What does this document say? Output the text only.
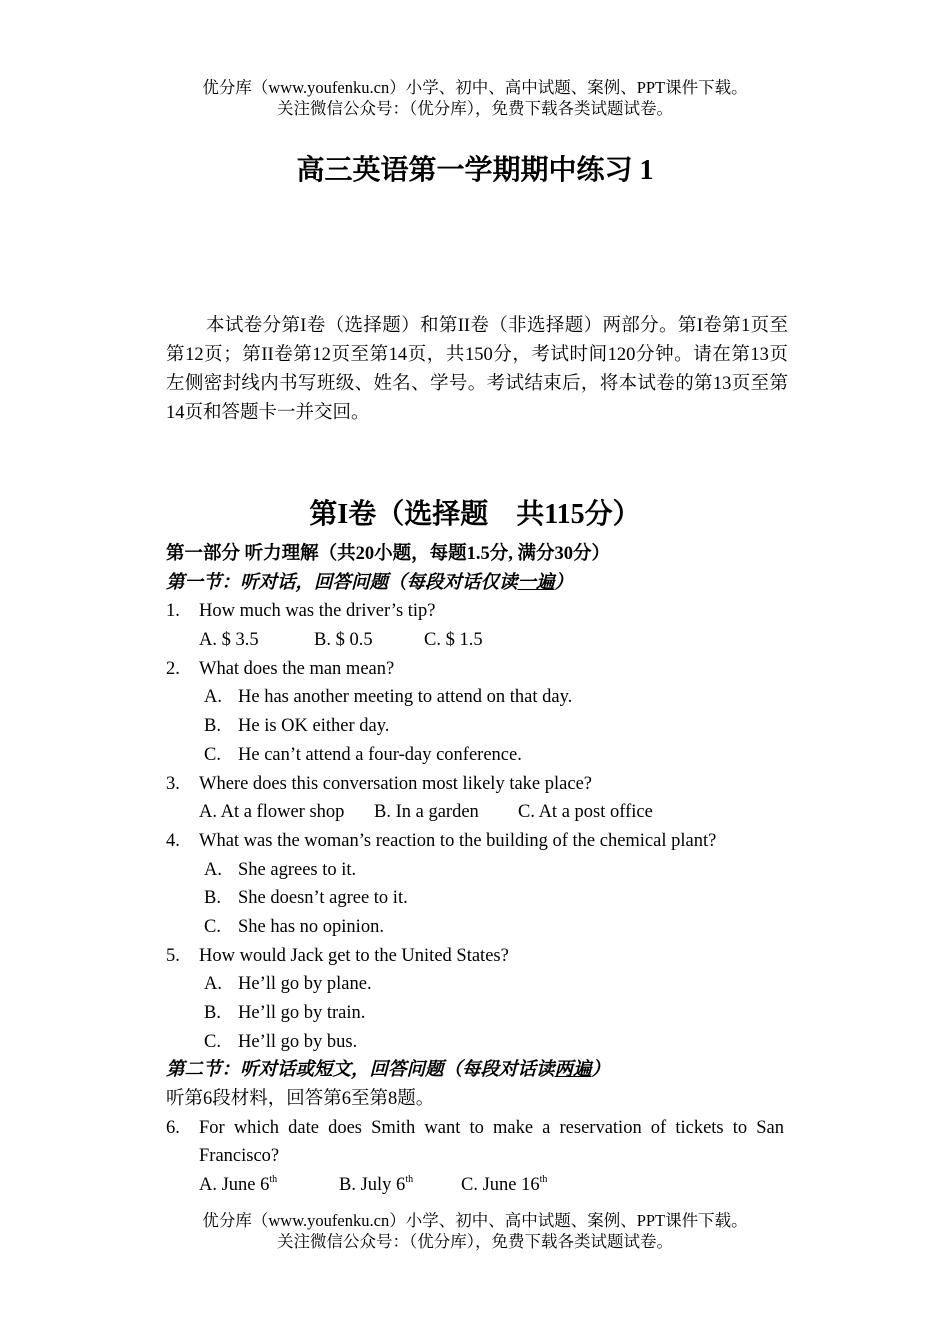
优分库（www.youfenku.cn）小学、初中、高中试题、案例、PPT课件下载。
关注微信公众号：（优分库），免费下载各类试题试卷。
高三英语第一学期期中练习 1

本试卷分第I卷（选择题）和第II卷（非选择题）两部分。第I卷第1页至第12页；第II卷第12页至第14页，共150分，考试时间120分钟。请在第13页左侧密封线内书写班级、姓名、学号。考试结束后，将本试卷的第13页至第14页和答题卡一并交回。

第I卷（选择题　共115分）
第一部分 听力理解（共20小题，每题1.5分, 满分30分）
第一节：听对话，回答问题（每段对话仅读一遍）
1. How much was the driver’s tip?
A. $ 3.5	B. $ 0.5	C. $ 1.5
2. What does the man mean?
A. He has another meeting to attend on that day.
B. He is OK either day.
C. He can’t attend a four-day conference.
3. Where does this conversation most likely take place?
A. At a flower shop B. In a garden C. At a post office
4. What was the woman’s reaction to the building of the chemical plant?
A. She agrees to it.
B. She doesn’t agree to it.
C. She has no opinion.
5. How would Jack get to the United States?
A. He’ll go by plane.
B. He’ll go by train.
C. He’ll go by bus.
第二节：听对话或短文，回答问题（每段对话读两遍）
听第6段材料，回答第6至第8题。
6. For which date does Smith want to make a reservation of tickets to San Francisco?
A. June 6th	B. July 6th	C. June 16th
优分库（www.youfenku.cn）小学、初中、高中试题、案例、PPT课件下载。
关注微信公众号：（优分库），免费下载各类试题试卷。
